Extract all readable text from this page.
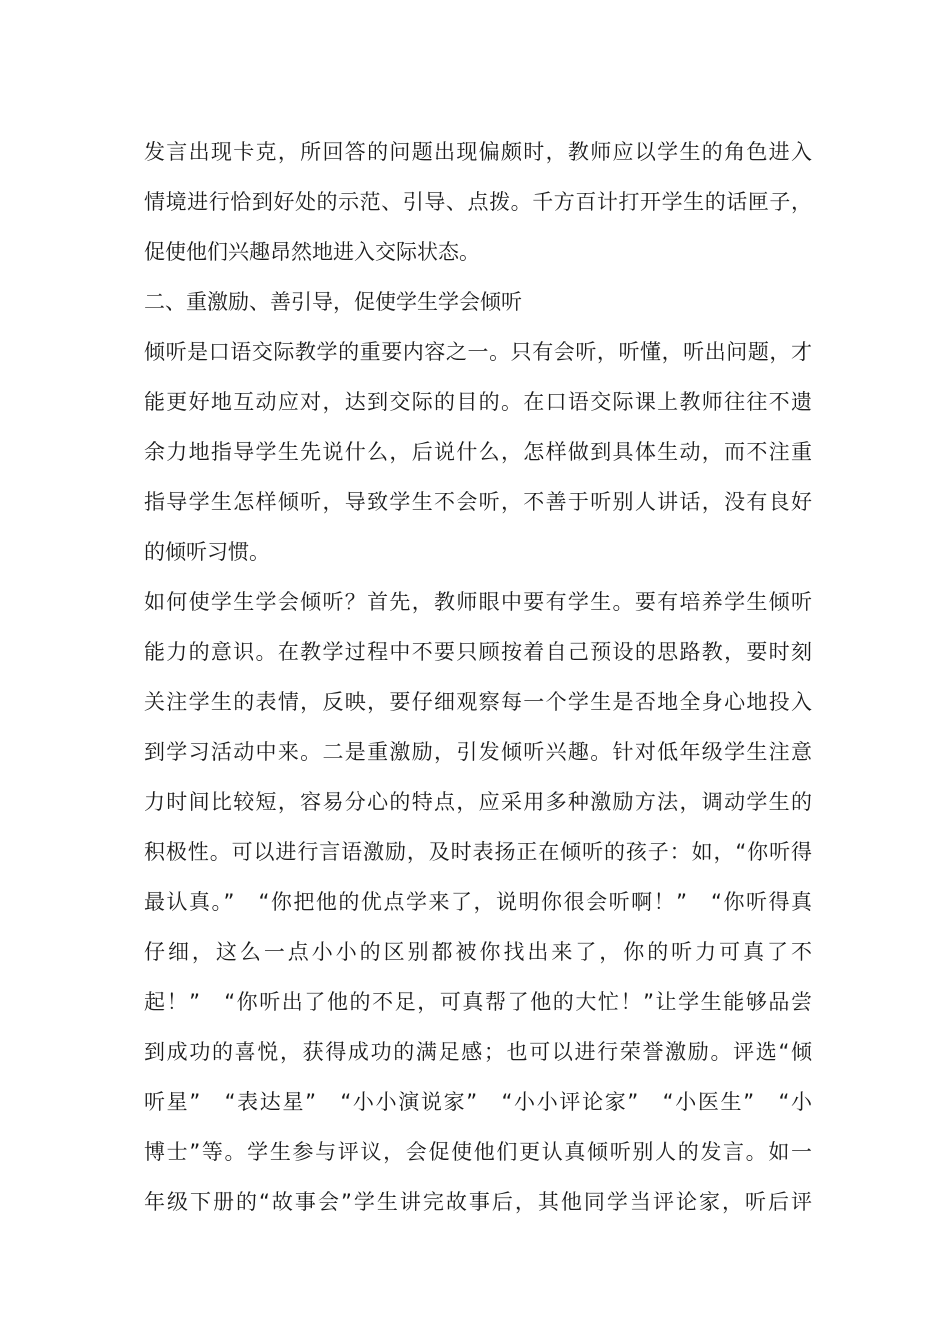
发言出现卡克，所回答的问题出现偏颇时，教师应以学生的角色进入
情境进行恰到好处的示范、引导、点拨。千方百计打开学生的话匣子，
促使他们兴趣昂然地进入交际状态。
二、重激励、善引导，促使学生学会倾听
倾听是口语交际教学的重要内容之一。只有会听，听懂，听出问题，才
能更好地互动应对，达到交际的目的。在口语交际课上教师往往不遗
余力地指导学生先说什么，后说什么，怎样做到具体生动，而不注重
指导学生怎样倾听，导致学生不会听，不善于听别人讲话，没有良好
的倾听习惯。
如何使学生学会倾听？首先，教师眼中要有学生。要有培养学生倾听
能力的意识。在教学过程中不要只顾按着自己预设的思路教，要时刻
关注学生的表情，反映，要仔细观察每一个学生是否地全身心地投入
到学习活动中来。二是重激励，引发倾听兴趣。针对低年级学生注意
力时间比较短，容易分心的特点，应采用多种激励方法，调动学生的
积极性。可以进行言语激励，及时表扬正在倾听的孩子：如，“你听得
最认真。”　“你把他的优点学来了，说明你很会听啊！”　“你听得真
仔细，这么一点小小的区别都被你找出来了，你的听力可真了不
起！”　“你听出了他的不足，可真帮了他的大忙！”让学生能够品尝
到成功的喜悦，获得成功的满足感；也可以进行荣誉激励。评选“倾
听星”　“表达星”　“小小演说家”　“小小评论家”　“小医生”　“小
博士”等。学生参与评议，会促使他们更认真倾听别人的发言。如一
年级下册的“故事会”学生讲完故事后，其他同学当评论家，听后评
